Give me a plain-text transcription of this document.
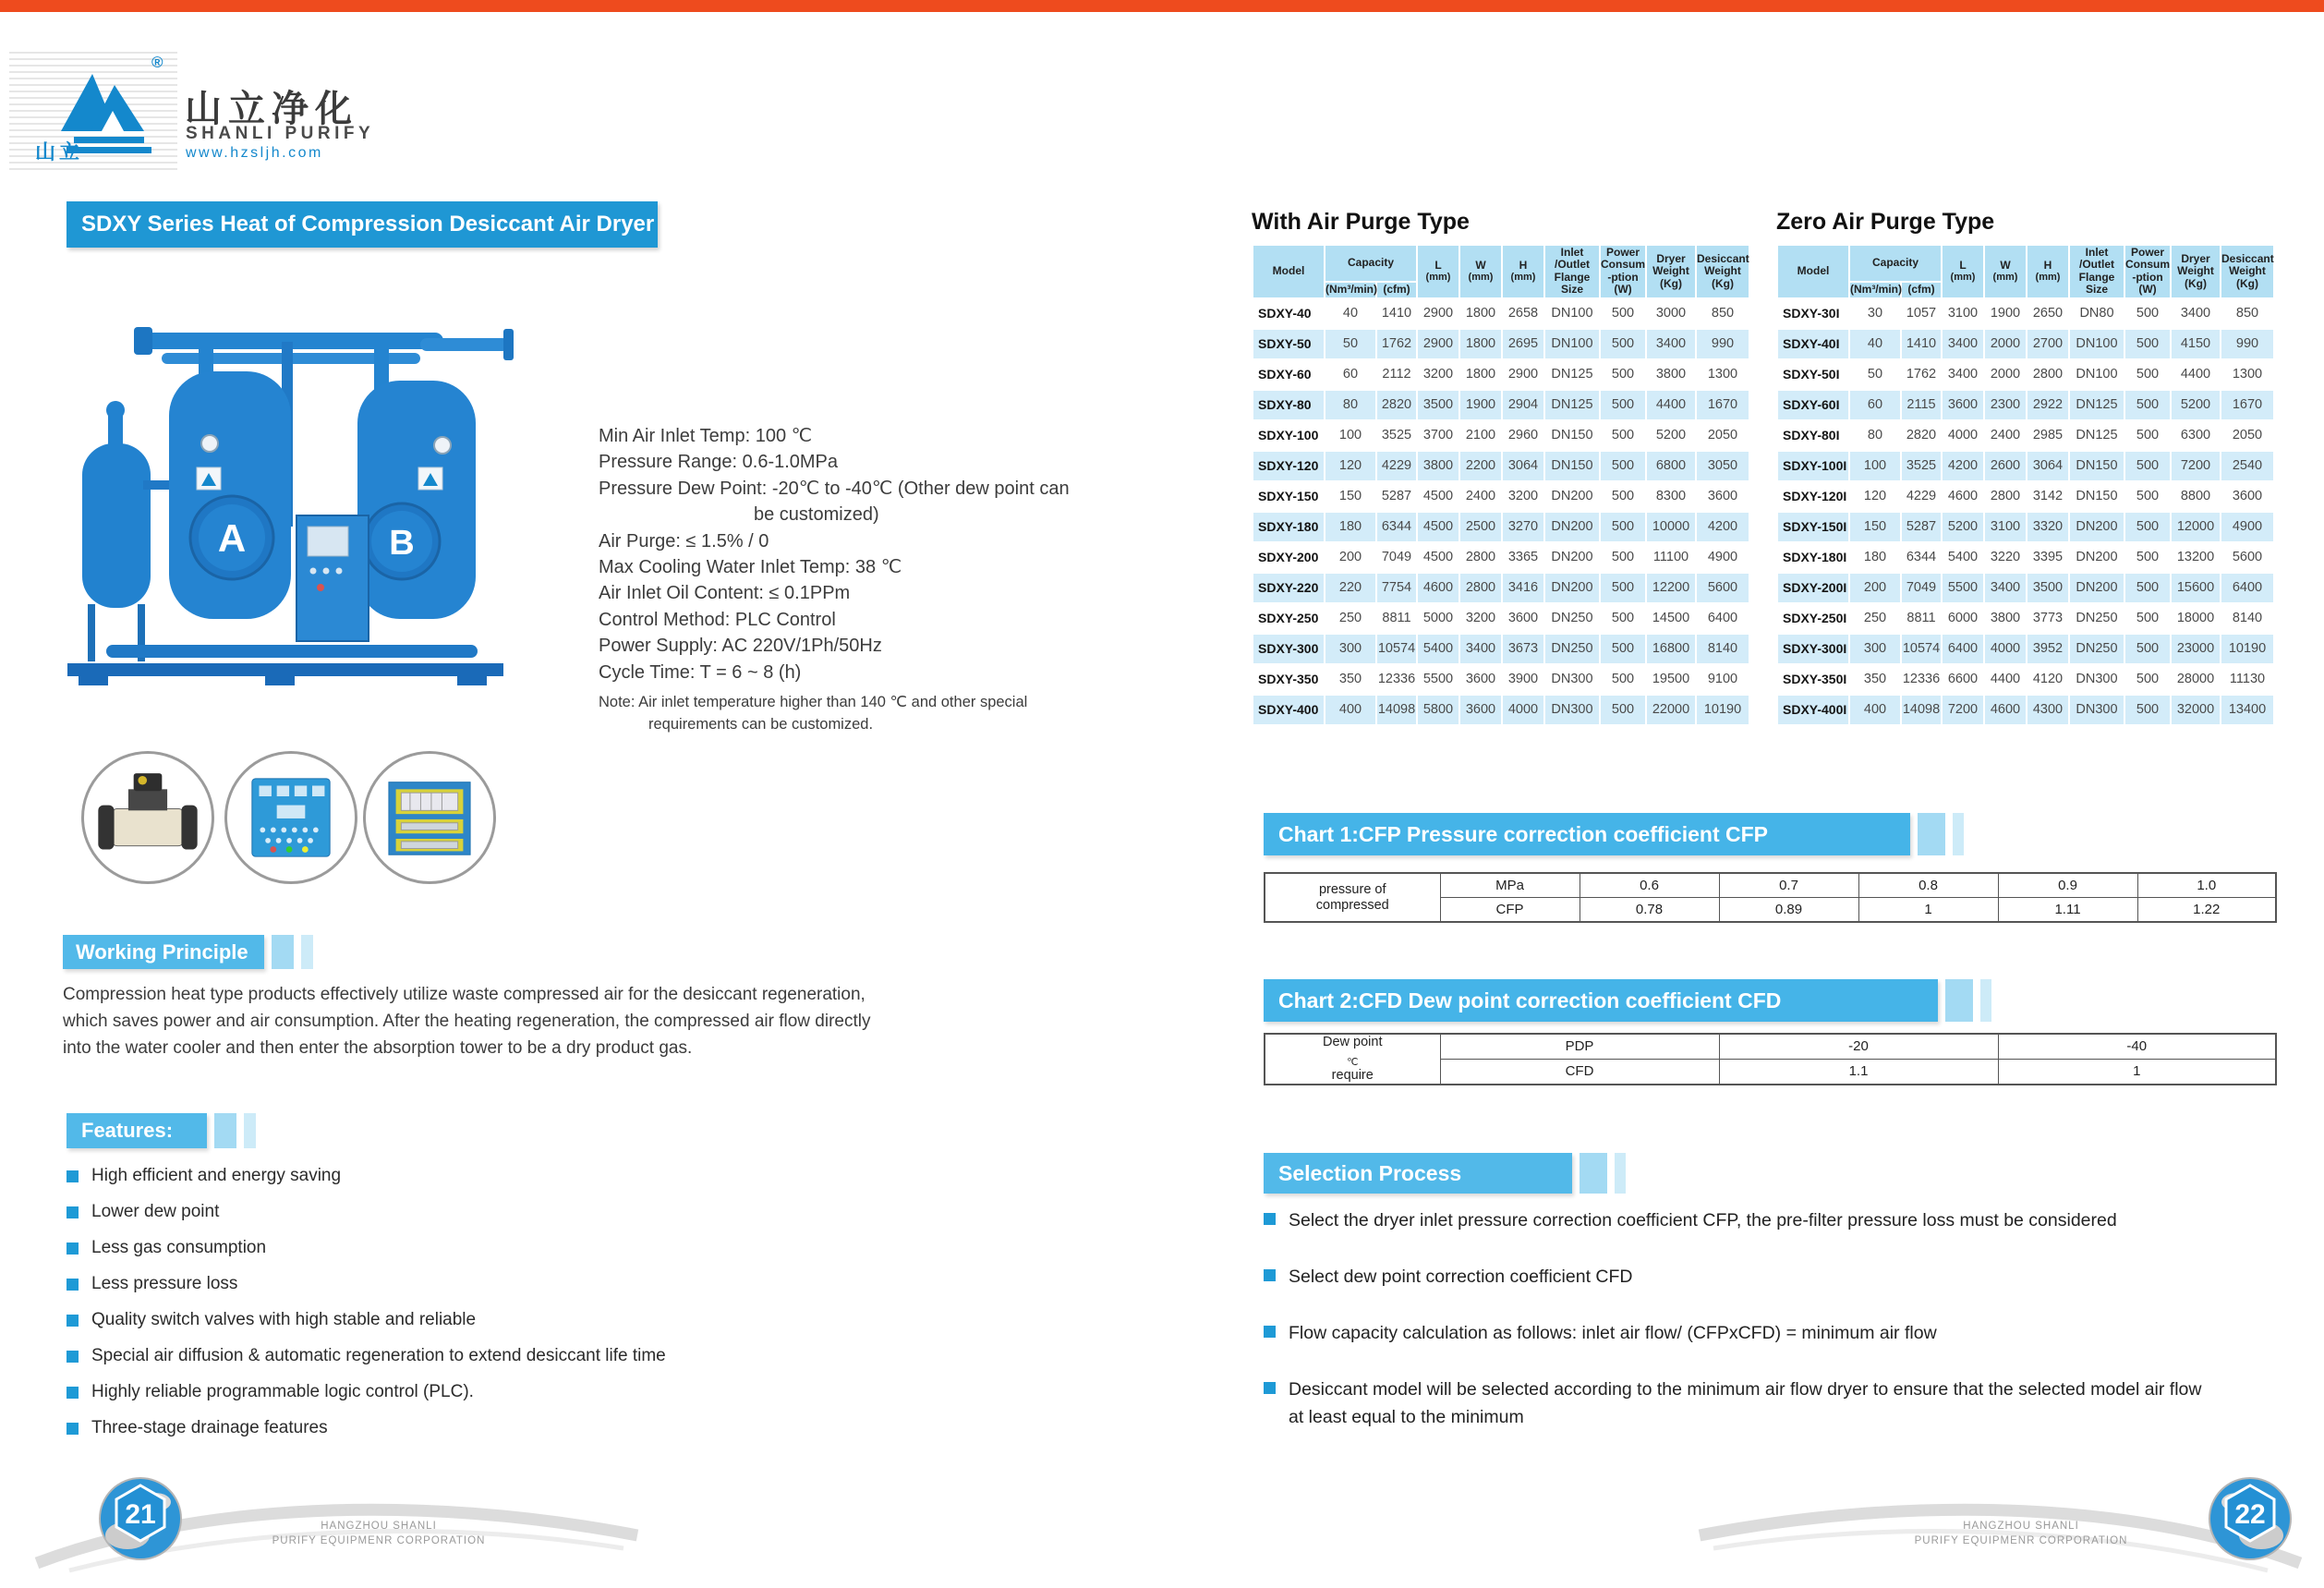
山立
®
山立净化
SHANLI PURIFY
www.hzsljh.com
SDXY Series Heat of Compression Desiccant Air Dryer
A	B
Min Air Inlet Temp: 100 ℃
Pressure Range: 0.6-1.0MPa
Pressure Dew Point: -20℃ to -40℃ (Other dew point can
be customized)
Air Purge: ≤ 1.5% / 0
Max Cooling Water Inlet Temp: 38 ℃
Air Inlet Oil Content: ≤ 0.1PPm
Control Method: PLC Control
Power Supply: AC 220V/1Ph/50Hz
Cycle Time: T = 6 ~ 8 (h)
Note: Air inlet temperature higher than 140 ℃ and other special
requirements can be customized.
Working Principle
Compression heat type products effectively utilize waste compressed air for the desiccant regeneration, which saves power and air consumption. After the heating regeneration, the compressed air flow directly into the water cooler and then enter the absorption tower to be a dry product gas.
Features:
High efficient and energy saving
Lower dew point
Less gas consumption
Less pressure loss
Quality switch valves with high stable and reliable
Special air diffusion & automatic regeneration to extend desiccant life time
Highly reliable programmable logic control (PLC).
Three-stage drainage features
With Air Purge Type
Model	Capacity		L
(mm)	W
(mm)	H
(mm)	Inlet
/Outlet
Flange
Size	Power
Consum
-ption
(W)	Dryer
Weight
(Kg)	Desiccant
Weight
(Kg)

	(Nm³/min)	(cfm)							
SDXY-40	40	1410	2900	1800	2658	DN100	500	3000	850
SDXY-50	50	1762	2900	1800	2695	DN100	500	3400	990
SDXY-60	60	2112	3200	1800	2900	DN125	500	3800	1300
SDXY-80	80	2820	3500	1900	2904	DN125	500	4400	1670
SDXY-100	100	3525	3700	2100	2960	DN150	500	5200	2050
SDXY-120	120	4229	3800	2200	3064	DN150	500	6800	3050
SDXY-150	150	5287	4500	2400	3200	DN200	500	8300	3600
SDXY-180	180	6344	4500	2500	3270	DN200	500	10000	4200
SDXY-200	200	7049	4500	2800	3365	DN200	500	11100	4900
SDXY-220	220	7754	4600	2800	3416	DN200	500	12200	5600
SDXY-250	250	8811	5000	3200	3600	DN250	500	14500	6400
SDXY-300	300	10574	5400	3400	3673	DN250	500	16800	8140
SDXY-350	350	12336	5500	3600	3900	DN300	500	19500	9100
SDXY-400	400	14098	5800	3600	4000	DN300	500	22000	10190
Zero Air Purge Type
Model	Capacity		L
(mm)	W
(mm)	H
(mm)	Inlet
/Outlet
Flange
Size	Power
Consum
-ption
(W)	Dryer
Weight
(Kg)	Desiccant
Weight
(Kg)

	(Nm³/min)	(cfm)							
SDXY-30I	30	1057	3100	1900	2650	DN80	500	3400	850
SDXY-40I	40	1410	3400	2000	2700	DN100	500	4150	990
SDXY-50I	50	1762	3400	2000	2800	DN100	500	4400	1300
SDXY-60I	60	2115	3600	2300	2922	DN125	500	5200	1670
SDXY-80I	80	2820	4000	2400	2985	DN125	500	6300	2050
SDXY-100I	100	3525	4200	2600	3064	DN150	500	7200	2540
SDXY-120I	120	4229	4600	2800	3142	DN150	500	8800	3600
SDXY-150I	150	5287	5200	3100	3320	DN200	500	12000	4900
SDXY-180I	180	6344	5400	3220	3395	DN200	500	13200	5600
SDXY-200I	200	7049	5500	3400	3500	DN200	500	15600	6400
SDXY-250I	250	8811	6000	3800	3773	DN250	500	18000	8140
SDXY-300I	300	10574	6400	4000	3952	DN250	500	23000	10190
SDXY-350I	350	12336	6600	4400	4120	DN300	500	28000	11130
SDXY-400I	400	14098	7200	4600	4300	DN300	500	32000	13400
Chart 1:CFP Pressure correction coefficient CFP
pressure of
compressed	MPa	0.6	0.7	0.8	0.9	1.0
	CFP	0.78	0.89	1	1.11	1.22
Chart 2:CFD Dew point correction coefficient CFD
Dew point
$_℃$
require	PDP	-20	-40
	CFD	1.1	1
Selection Process
Select the dryer inlet pressure correction coefficient CFP, the pre-filter pressure loss must be considered
Select dew point correction coefficient CFD
Flow capacity calculation as follows: inlet air flow/ (CFPxCFD) = minimum air flow
Desiccant model will be selected according to the minimum air flow dryer to ensure that the selected model air flow at least equal to the minimum
21	HANGZHOU SHANLI
PURIFY EQUIPMENR CORPORATION
22
HANGZHOU SHANLI
PURIFY EQUIPMENR CORPORATION
